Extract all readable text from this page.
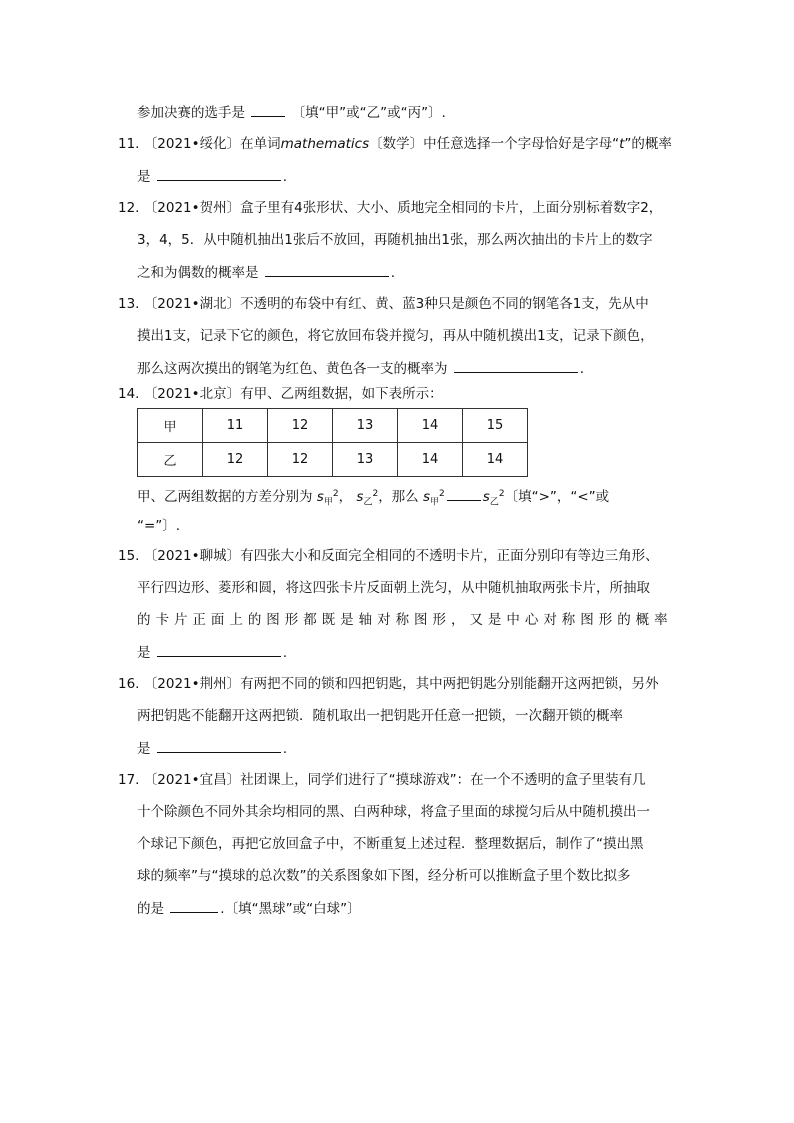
参加决赛的选手是	〔填“甲”或“乙”或“丙”〕.
11. 〔2021•绥化〕在单词mathematics〔数学〕中任意选择一个字母恰好是字母“t”的概率
是	.
12. 〔2021•贺州〕盒子里有4张形状、大小、质地完全相同的卡片，上面分别标着数字2，
3，4，5．从中随机抽出1张后不放回，再随机抽出1张，那么两次抽出的卡片上的数字
之和为偶数的概率是	.
13. 〔2021•湖北〕不透明的布袋中有红、黄、蓝3种只是颜色不同的钢笔各1支，先从中
摸出1支，记录下它的颜色，将它放回布袋并搅匀，再从中随机摸出1支，记录下颜色，
那么这两次摸出的钢笔为红色、黄色各一支的概率为	.
14. 〔2021•北京〕有甲、乙两组数据，如下表所示：
甲	11	12	13	14	15
乙	12	12	13	14	14
甲、乙两组数据的方差分别为 $s_甲^2$， $s_乙^2$，那么 $s_甲^2$	$s_乙^2$〔填“>”，“<”或
“=”〕.
15. 〔2021•聊城〕有四张大小和反面完全相同的不透明卡片，正面分别印有等边三角形、
平行四边形、菱形和圆，将这四张卡片反面朝上洗匀，从中随机抽取两张卡片，所抽取
的 卡 片 正 面 上 的 图 形 都 既 是 轴 对 称 图 形 ， 又 是 中 心 对 称 图 形 的 概 率
是	.
16. 〔2021•荆州〕有两把不同的锁和四把钥匙，其中两把钥匙分别能翻开这两把锁，另外
两把钥匙不能翻开这两把锁．随机取出一把钥匙开任意一把锁，一次翻开锁的概率
是	.
17. 〔2021•宜昌〕社团课上，同学们进行了“摸球游戏”：在一个不透明的盒子里装有几
十个除颜色不同外其余均相同的黑、白两种球，将盒子里面的球搅匀后从中随机摸出一
个球记下颜色，再把它放回盒子中，不断重复上述过程．整理数据后，制作了“摸出黑
球的频率”与“摸球的总次数”的关系图象如下图，经分析可以推断盒子里个数比拟多
的是	.〔填“黑球”或“白球”〕
